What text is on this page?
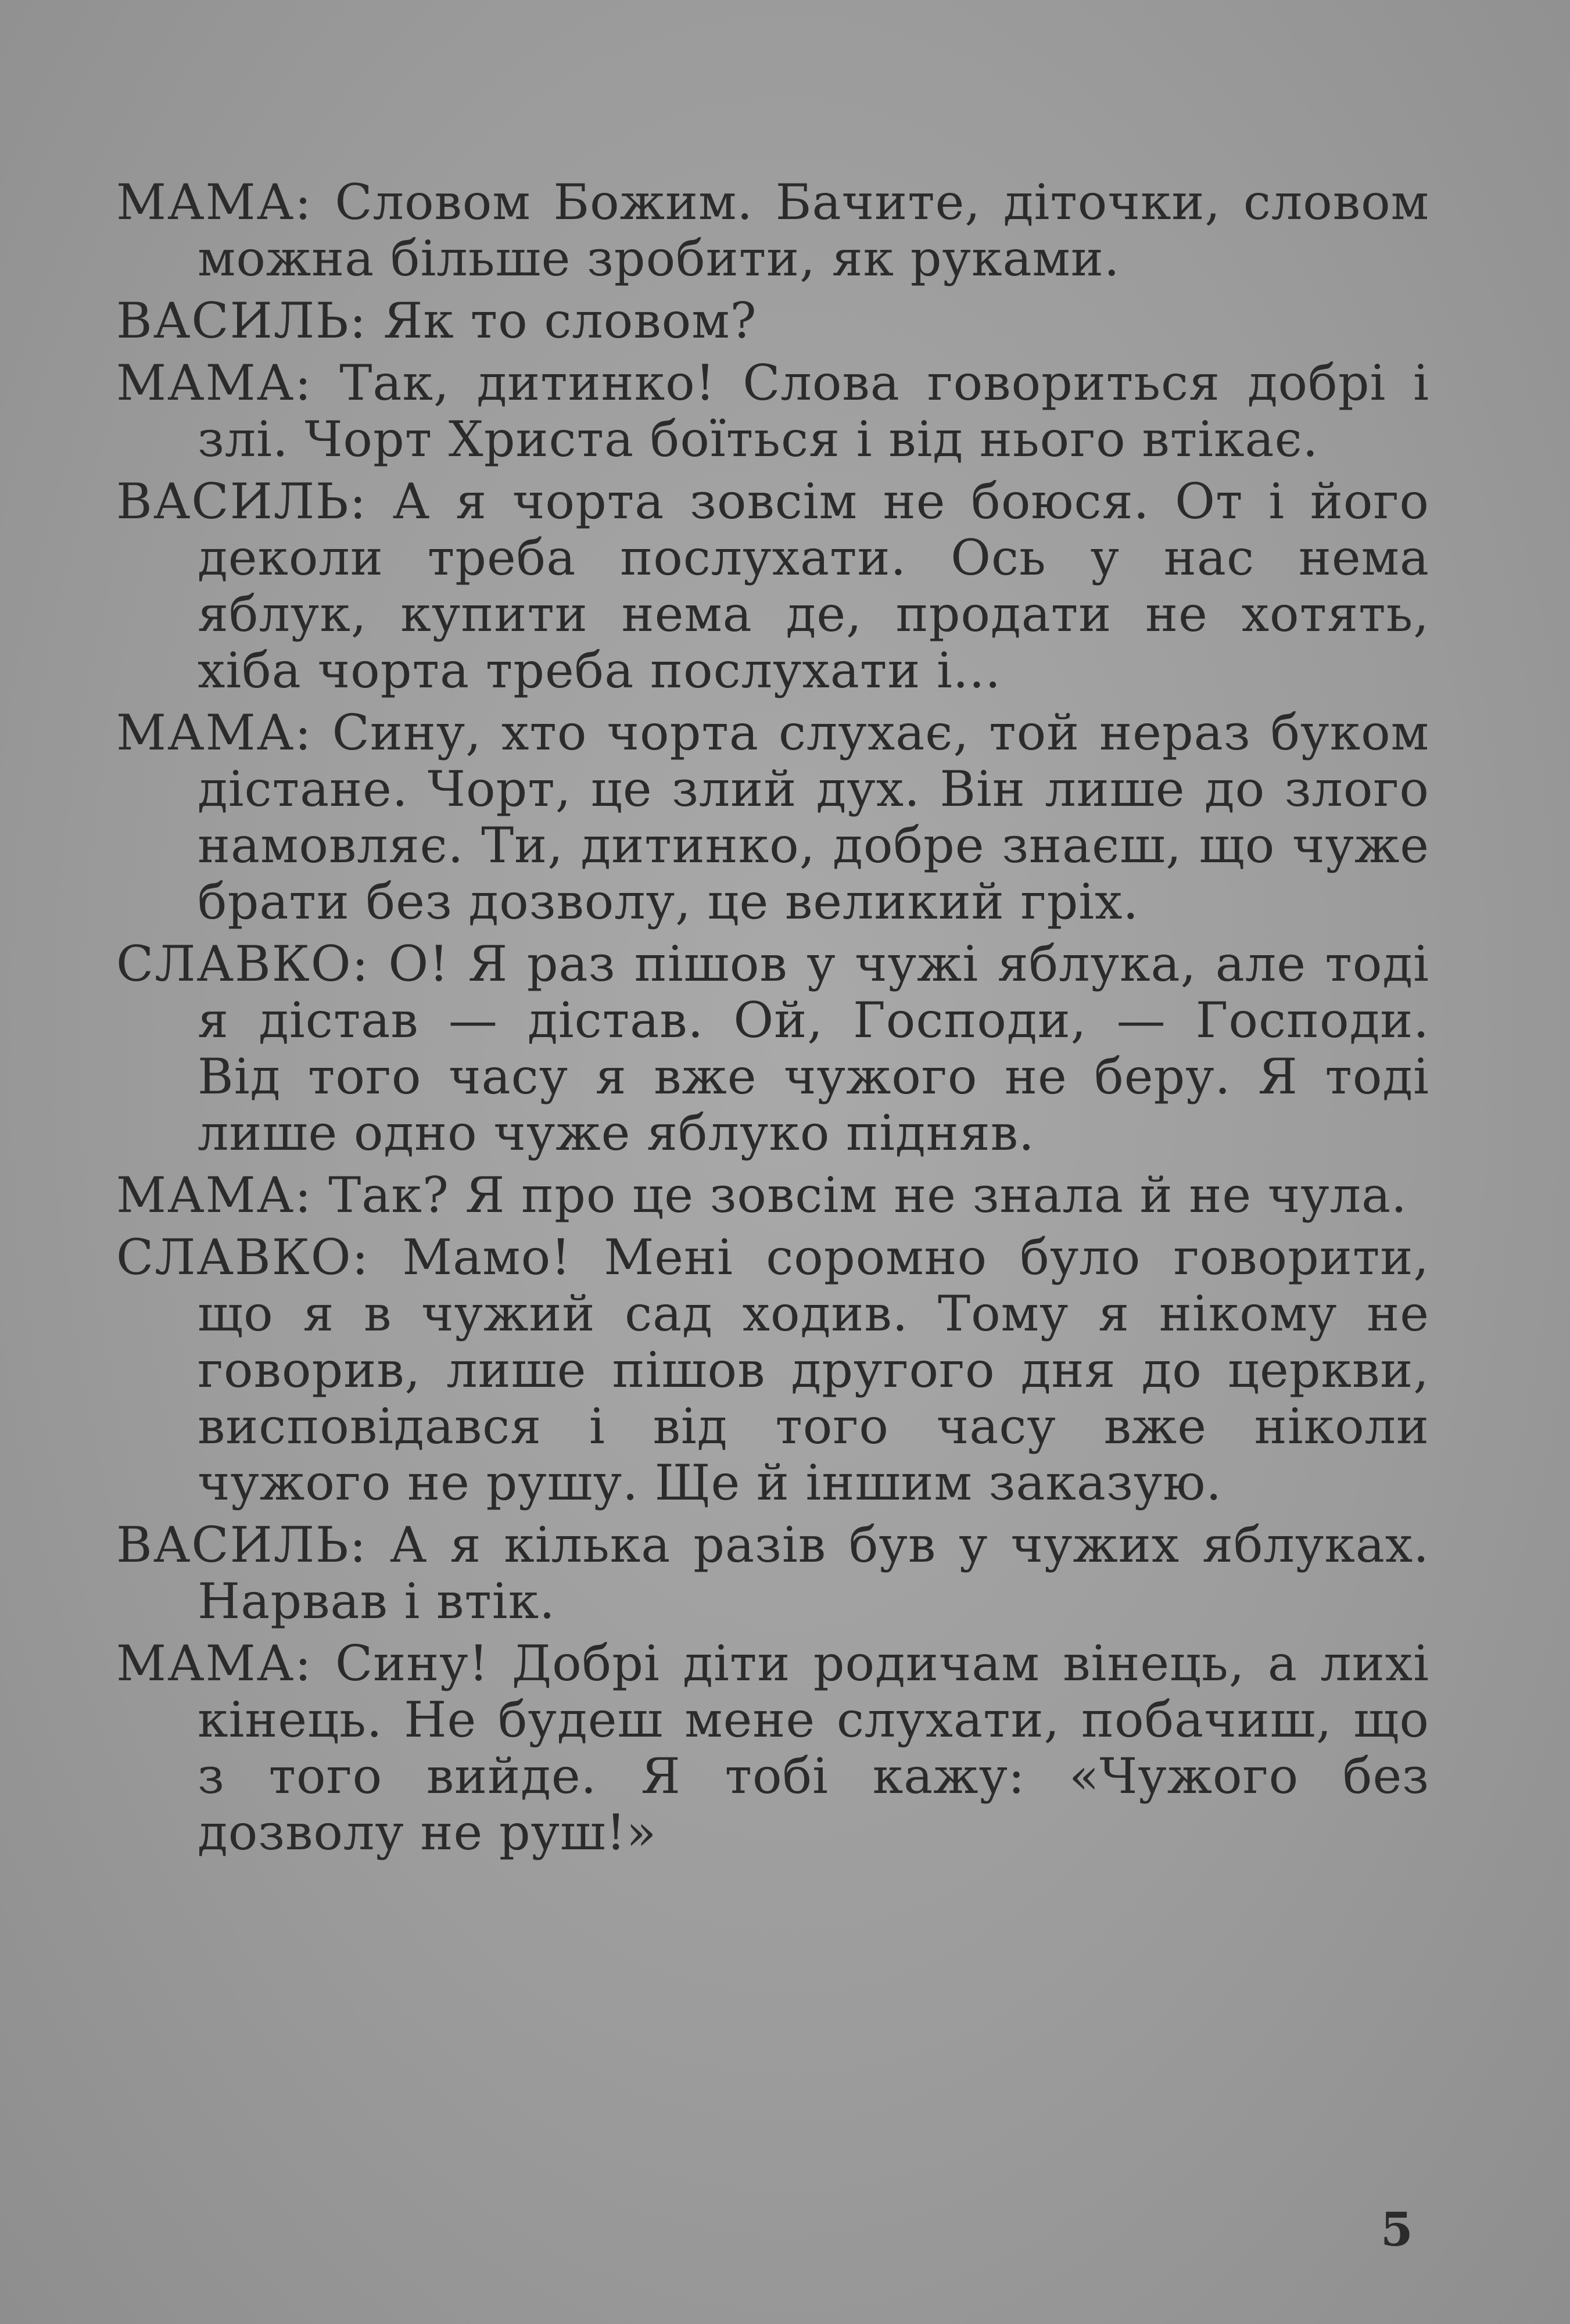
МАМА: Словом Божим. Бачите, діточки, словом можна більше зробити, як руками.

ВАСИЛЬ: Як то словом?

МАМА: Так, дитинко! Слова говориться добрі і злі. Чорт Христа боїться і від нього втікає.

ВАСИЛЬ: А я чорта зовсім не боюся. От і його деколи треба послухати. Ось у нас нема яблук, купити нема де, продати не хотять, хіба чорта треба послухати і...

МАМА: Сину, хто чорта слухає, той нераз буком дістане. Чорт, це злий дух. Він лише до злого намовляє. Ти, дитинко, добре знаєш, що чуже брати без дозволу, це великий гріх.

СЛАВКО: О! Я раз пішов у чужі яблука, але тоді я дістав — дістав. Ой, Господи, — Господи. Від того часу я вже чужого не беру. Я тоді лише одно чуже яблуко підняв.

МАМА: Так? Я про це зовсім не знала й не чула.

СЛАВКО: Мамо! Мені соромно було говорити, що я в чужий сад ходив. Тому я нікому не говорив, лише пішов другого дня до церкви, висповідався і від того часу вже ніколи чужого не рушу. Ще й іншим заказую.

ВАСИЛЬ: А я кілька разів був у чужих яблуках. Нарвав і втік.

МАМА: Сину! Добрі діти родичам вінець, а лихі кінець. Не будеш мене слухати, побачиш, що з того вийде. Я тобі кажу: «Чужого без дозволу не руш!»

5
